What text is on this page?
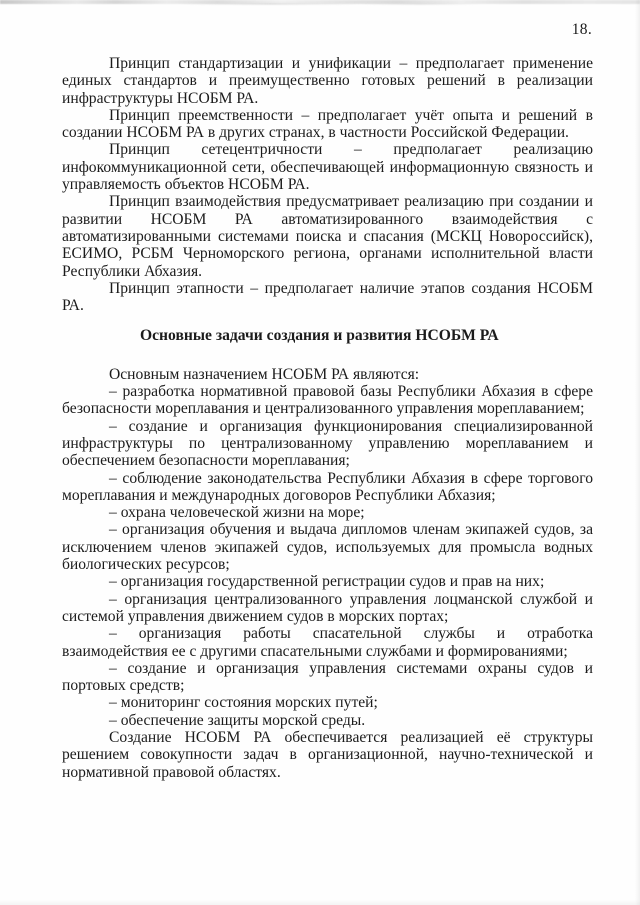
18.

Принцип стандартизации и унификации – предполагает применение единых стандартов и преимущественно готовых решений в реализации инфраструктуры НСОБМ РА.

Принцип преемственности – предполагает учёт опыта и решений в создании НСОБМ РА в других странах, в частности Российской Федерации.

Принцип сетецентричности – предполагает реализацию инфокоммуникационной сети, обеспечивающей информационную связность и управляемость объектов НСОБМ РА.

Принцип взаимодействия предусматривает реализацию при создании и развитии НСОБМ РА автоматизированного взаимодействия с автоматизированными системами поиска и спасания (МСКЦ Новороссийск), ЕСИМО, РСБМ Черноморского региона, органами исполнительной власти Республики Абхазия.

Принцип этапности – предполагает наличие этапов создания НСОБМ РА.

Основные задачи создания и развития НСОБМ РА

Основным назначением НСОБМ РА являются:

– разработка нормативной правовой базы Республики Абхазия в сфере безопасности мореплавания и централизованного управления мореплаванием;

– создание и организация функционирования специализированной инфраструктуры по централизованному управлению мореплаванием и обеспечением безопасности мореплавания;

– соблюдение законодательства Республики Абхазия в сфере торгового мореплавания и международных договоров Республики Абхазия;

– охрана человеческой жизни на море;

– организация обучения и выдача дипломов членам экипажей судов, за исключением членов экипажей судов, используемых для промысла водных биологических ресурсов;

– организация государственной регистрации судов и прав на них;

– организация централизованного управления лоцманской службой и системой управления движением судов в морских портах;

– организация работы спасательной службы и отработка взаимодействия ее с другими спасательными службами и формированиями;

– создание и организация управления системами охраны судов и портовых средств;

– мониторинг состояния морских путей;

– обеспечение защиты морской среды.

Создание НСОБМ РА обеспечивается реализацией её структуры решением совокупности задач в организационной, научно-технической и нормативной правовой областях.
